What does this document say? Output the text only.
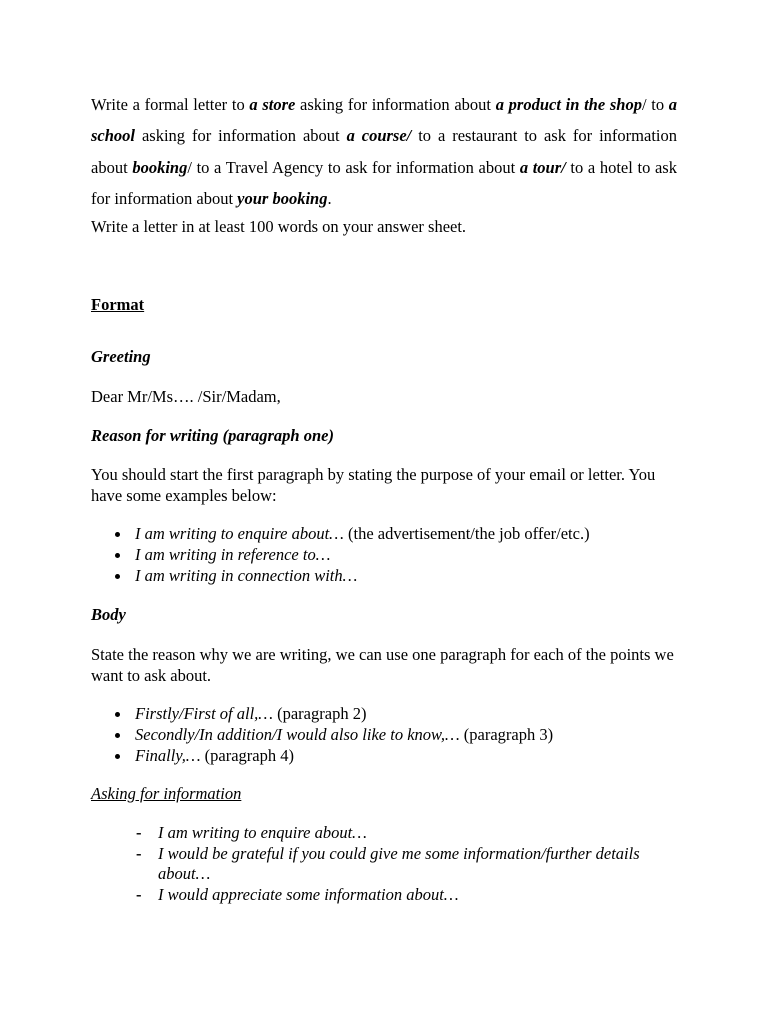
Write a formal letter to a store asking for information about a product in the shop/ to a school asking for information about a course/ to a restaurant to ask for information about booking/ to a Travel Agency to ask for information about a tour/ to a hotel to ask for information about your booking.

Write a letter in at least 100 words on your answer sheet.

Format

Greeting

Dear Mr/Ms…. /Sir/Madam,

Reason for writing (paragraph one)

You should start the first paragraph by stating the purpose of your email or letter. You have some examples below:

I am writing to enquire about… (the advertisement/the job offer/etc.)
I am writing in reference to…
I am writing in connection with…

Body

State the reason why we are writing, we can use one paragraph for each of the points we want to ask about.

Firstly/First of all,… (paragraph 2)
Secondly/In addition/I would also like to know,… (paragraph 3)
Finally,… (paragraph 4)

Asking for information

- I am writing to enquire about…
- I would be grateful if you could give me some information/further details about…
- I would appreciate some information about…
